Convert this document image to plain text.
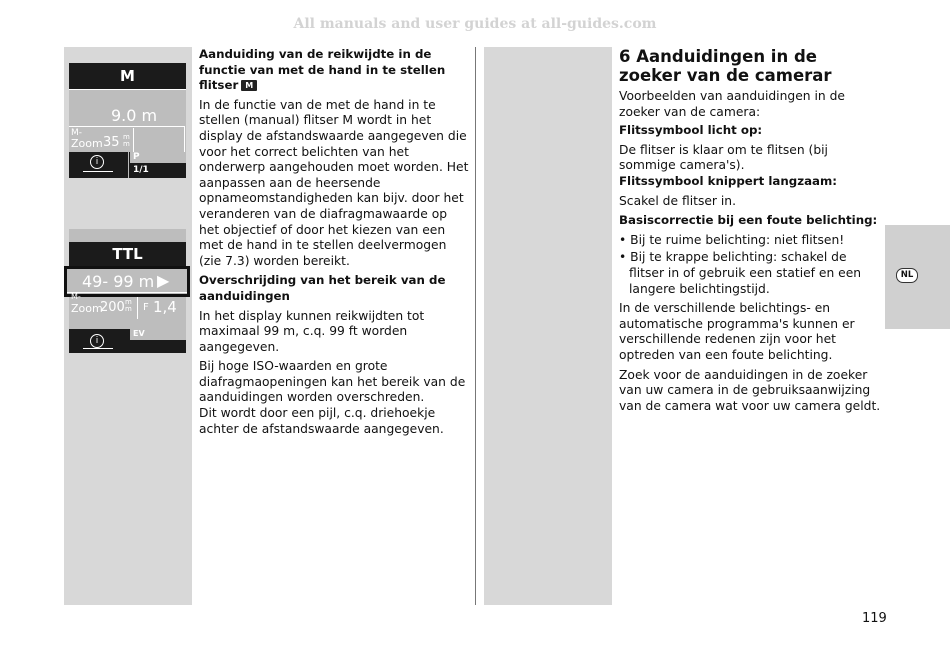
All manuals and user guides at all-guides.com
M
9.0 m
M-
Zoom 35 mm
i	P
1/1
TTL
i
EV
49- 99 m ▶
M-
Zoom
200 mm F 1,4

Aanduiding van de reikwijdte in de functie van met de hand in te stellen flitser M

In de functie van de met de hand in te stellen (manual) flitser M wordt in het display de afstandswaarde aangegeven die voor het correct belichten van het onderwerp aangehouden moet worden. Het aanpassen aan de heersende opnameomstandigheden kan bijv. door het veranderen van de diafragmawaarde op het objectief of door het kiezen van een met de hand in te stellen deelvermogen (zie 7.3) worden bereikt.

Overschrijding van het bereik van de aanduidingen

In het display kunnen reikwijdten tot maximaal 99 m, c.q. 99 ft worden aangegeven.

Bij hoge ISO-waarden en grote diafragmaopeningen kan het bereik van de aanduidingen worden overschreden.

Dit wordt door een pijl, c.q. driehoekje achter de afstandswaarde aangegeven.

6 Aanduidingen in de zoeker van de camerar

Voorbeelden van aanduidingen in de zoeker van de camera:

Flitssymbool licht op:

De flitser is klaar om te flitsen (bij sommige camera's).

Flitssymbool knippert langzaam:

Scakel de flitser in.

Basiscorrectie bij een foute belichting:

• Bij te ruime belichting: niet flitsen!

• Bij te krappe belichting: schakel de flitser in of gebruik een statief en een langere belichtingstijd.

In de verschillende belichtings- en automatische programma's kunnen er verschillende redenen zijn voor het optreden van een foute belichting.

Zoek voor de aanduidingen in de zoeker van uw camera in de gebruiksaanwijzing van de camera wat voor uw camera geldt.

NL
119
